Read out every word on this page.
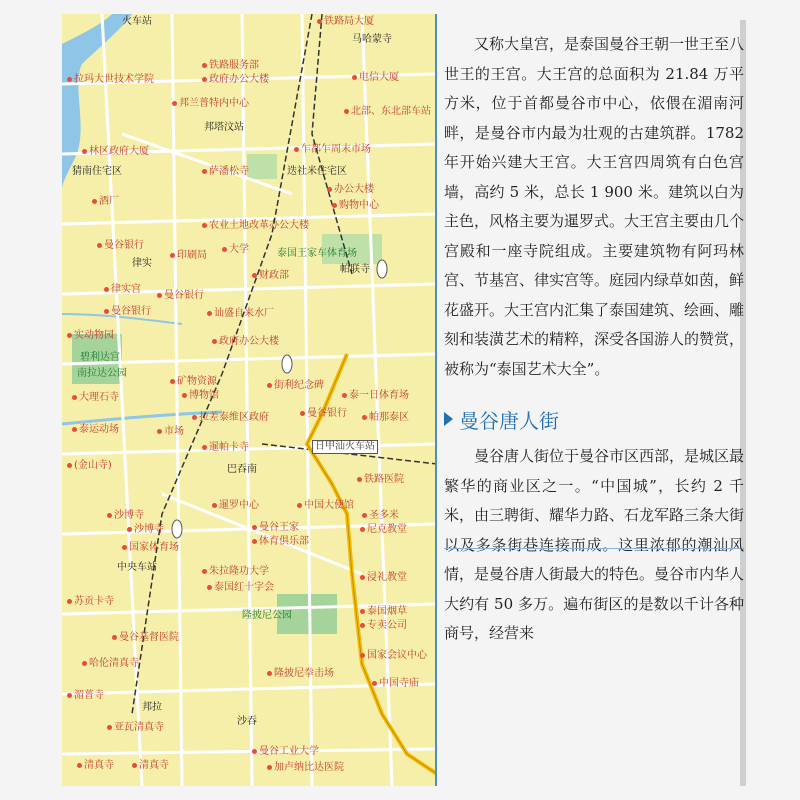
火车站	铁路局大厦
马哈蒙寺
铁路服务部
政府办公大楼	电信大厦
拉玛大世技术学院
邦兰普特内中心
北部、东北部车站
邦塔汶站
林区政府大厦	乍都乍周末市场
猜南住宅区	萨潘松寺	迭社米住宅区
办公大楼
酒厂	购物中心
农业土地改革办公大楼
曼谷银行
泰国王家车体育场
大学
印刷局
律实
帕联寺
财政部
律实宫
曼谷银行
曼谷银行	讪盛自来水厂
实动物园
政府办公大楼
碧利达宫
南拉达公园
矿物资源
博物馆
街利纪念碑
泰一日体育场
大理石寺
拉差泰维区政府	曼谷银行	帕那泰区
泰运动场	市场
暹帕卡寺	日甲汕火车站
(金山寺)	巴吞南
铁路医院
暹罗中心	中国大使馆
圣多米
沙博寺
尼克教堂
沙博寺	曼谷王家
体育俱乐部
国家体育场
中央车站	朱拉隆功大学
泰国红十字会
浸礼教堂
苏贡卡寺
泰国烟草
专卖公司
隆披尼公园
曼谷基督医院
国家会议中心
哈伦清真寺
隆披尼拳击场
中国寺庙
湄普寺
邦拉
亚瓦清真寺
沙吞
曼谷工业大学
清真寺	清真寺	加卢纳比达医院

又称大皇宫，是泰国曼谷王朝一世王至八世王的王宫。大王宫的总面积为 21.84 万平方米，位于首都曼谷市中心，依偎在湄南河畔，是曼谷市内最为壮观的古建筑群。1782 年开始兴建大王宫。大王宫四周筑有白色宫墙，高约 5 米，总长 1 900 米。建筑以白为主色，风格主要为暹罗式。大王宫主要由几个宫殿和一座寺院组成。主要建筑物有阿玛林宫、节基宫、律实宫等。庭园内绿草如茵，鲜花盛开。大王宫内汇集了泰国建筑、绘画、雕刻和装潢艺术的精粹，深受各国游人的赞赏，被称为“泰国艺术大全”。

曼谷唐人街

曼谷唐人街位于曼谷市区西部，是城区最繁华的商业区之一。“中国城”，长约 2 千米，由三聘街、耀华力路、石龙军路三条大街以及多条街巷连接而成。这里浓郁的潮汕风情，是曼谷唐人街最大的特色。曼谷市内华人大约有 50 多万。遍布街区的是数以千计各种商号，经营来
